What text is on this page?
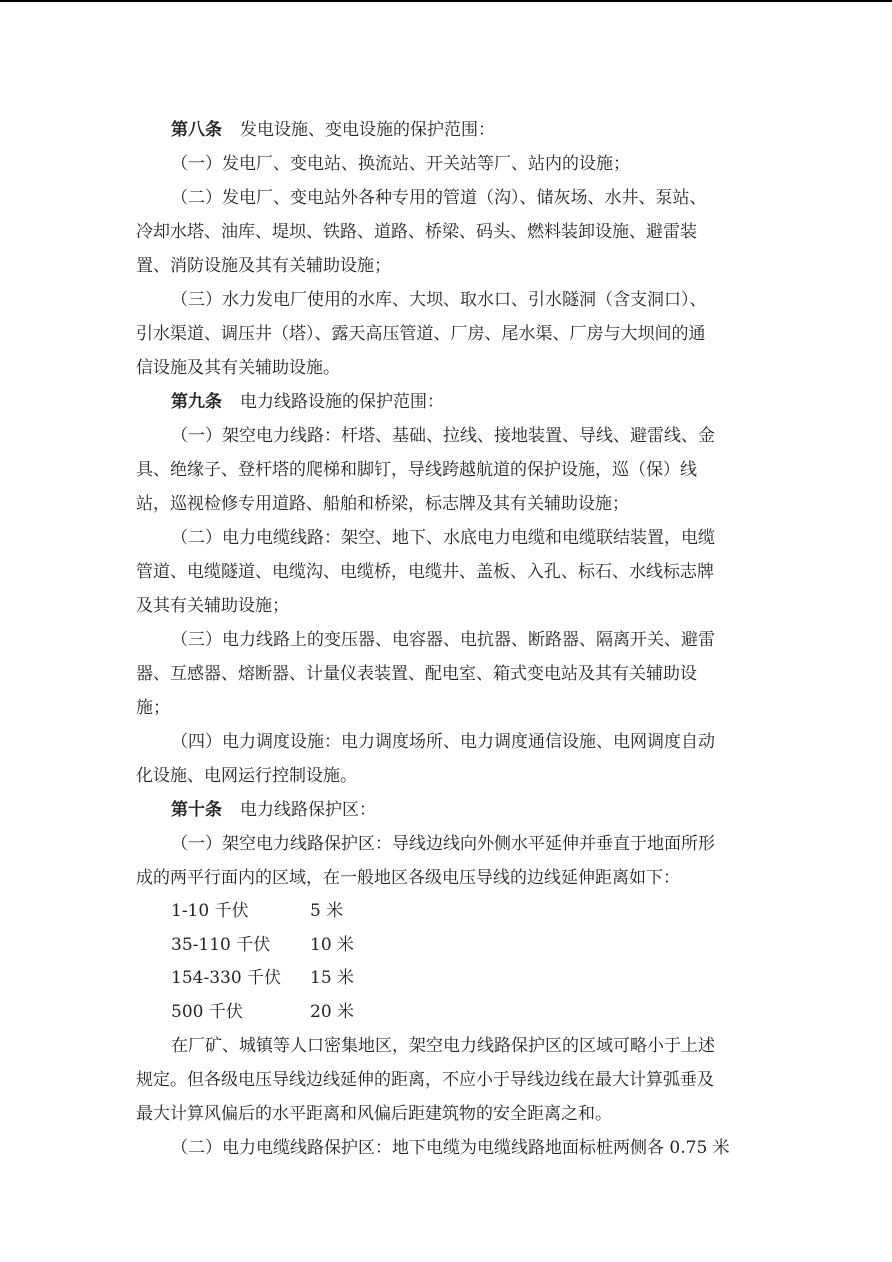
第八条 发电设施、变电设施的保护范围：
（一）发电厂、变电站、换流站、开关站等厂、站内的设施；
（二）发电厂、变电站外各种专用的管道（沟）、储灰场、水井、泵站、
冷却水塔、油库、堤坝、铁路、道路、桥梁、码头、燃料装卸设施、避雷装
置、消防设施及其有关辅助设施；
（三）水力发电厂使用的水库、大坝、取水口、引水隧洞（含支洞口）、
引水渠道、调压井（塔）、露天高压管道、厂房、尾水渠、厂房与大坝间的通
信设施及其有关辅助设施。
第九条 电力线路设施的保护范围：
（一）架空电力线路：杆塔、基础、拉线、接地装置、导线、避雷线、金
具、绝缘子、登杆塔的爬梯和脚钉，导线跨越航道的保护设施，巡（保）线
站，巡视检修专用道路、船舶和桥梁，标志牌及其有关辅助设施；
（二）电力电缆线路：架空、地下、水底电力电缆和电缆联结装置，电缆
管道、电缆隧道、电缆沟、电缆桥，电缆井、盖板、入孔、标石、水线标志牌
及其有关辅助设施；
（三）电力线路上的变压器、电容器、电抗器、断路器、隔离开关、避雷
器、互感器、熔断器、计量仪表装置、配电室、箱式变电站及其有关辅助设
施；
（四）电力调度设施：电力调度场所、电力调度通信设施、电网调度自动
化设施、电网运行控制设施。
第十条 电力线路保护区：
（一）架空电力线路保护区：导线边线向外侧水平延伸并垂直于地面所形
成的两平行面内的区域，在一般地区各级电压导线的边线延伸距离如下：
1-10 千伏	5 米
35-110 千伏 10 米
154-330 千伏 15 米
500 千伏	20 米
在厂矿、城镇等人口密集地区，架空电力线路保护区的区域可略小于上述
规定。但各级电压导线边线延伸的距离，不应小于导线边线在最大计算弧垂及
最大计算风偏后的水平距离和风偏后距建筑物的安全距离之和。
（二）电力电缆线路保护区：地下电缆为电缆线路地面标桩两侧各 0.75 米
